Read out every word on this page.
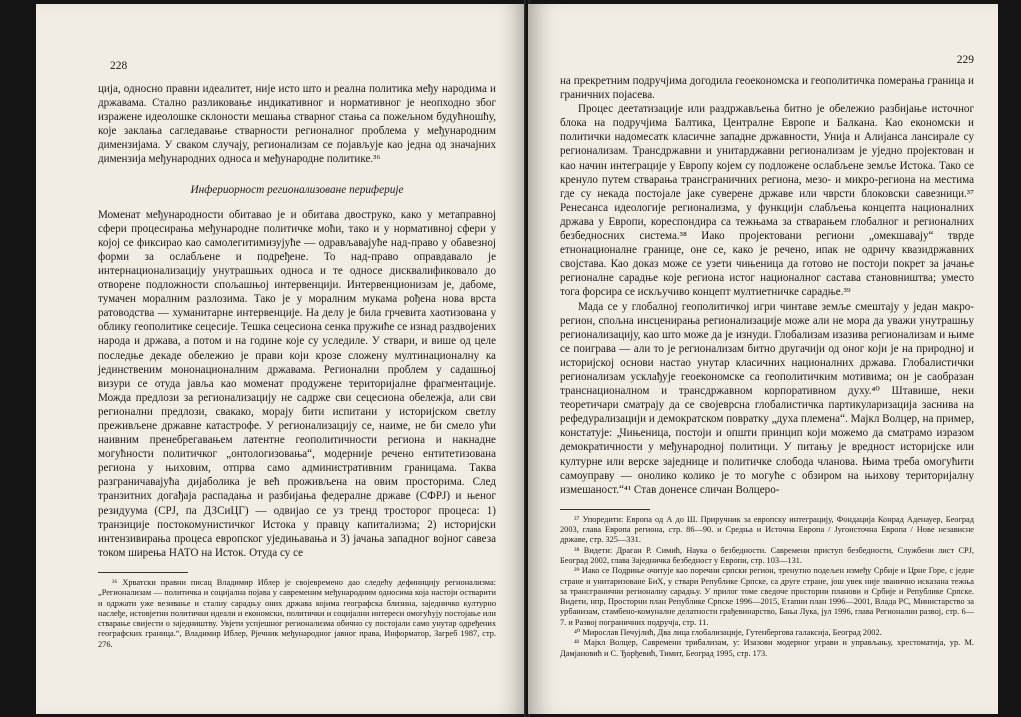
228

ција, односно правни идеалитет, није исто што и реална политика међу народима и државама. Стално разликовање индикативног и нормативног је неопходно због изражене идеолошке склоности мешања стварног стања са пожељном будућношћу, које заклања сагледавање стварности регионалног проблема у међународним димензијама. У сваком случају, регионализам се појављује као једна од значајних димензија међународних односа и међународне политике.³⁶

Инфериорност регионализоване периферије

Моменат међународности обитавао је и обитава двоструко, како у метаправној сфери процесирања међународне политичке моћи, тако и у нормативној сфери у којој се фиксирао као самолегитимизујуће — одрављавајуће над-право у обавезној форми за ослабљене и подређене. То над-право оправдавало је интернационализацију унутрашњих односа и те односе дисквалификовало до отворене подложности спољашњој интервенцији. Интервенционизам је, дабоме, тумачен моралним разлозима. Тако је у моралним мукама рођена нова врста ратоводства — хуманитарне интервенције. На делу је била грчевита хаотизована у облику геополитике сецесије. Тешка сецесиона сенка пружиће се изнад раздвојених народа и држава, а потом и на године које су уследиле. У ствари, и више од целе последње декаде обележио је прави који крозе сложену мултинационалну ка јединственим мононационалним државама. Регионални проблем у садашњој визури се отуда јавља као моменат продужене територијалне фрагментације. Можда предлози за регионализацију не садрже сви сецесиона обележја, али сви регионални предлози, свакако, морају бити испитани у историјском светлу преживљене државне катастрофе. У регионализацију се, наиме, не би смело ући наивним пренебрегавањем латентне геополитичности региона и накнадне могућности политичког „онтологизовања“, модерније речено ентитетизована регионa у њиховим, отпрва само административним границама. Таква разграничавајућа дијаболика је већ проживљена на овим просторима. След транзитних догађаја распадања и разбијања федералне државе (СФРЈ) и њеног резидуума (СРЈ, па ДЗСиЦГ) — одвијао се уз тренд тросторог процеса: 1) транзиције постокомунистичког Истока у правцу капитализма; 2) историјски интензивирања процеса европског уједињавања и 3) јачања западног војног савеза током ширења НАТО на Исток. Отуда су се

³⁶ Хрватски правни писац Владимир Иблер је својевремено дао следећу дефиницију регионализма: „Регионализам — политичка и социјална појава у савременим међународним односима која настоји остварити и одржати уже везивање и сталну сарадњу оних држава којима географска близина, заједничко културно наслеђе, истовјетни политички идеали и економски, политички и социјални интереси омогућују постојање или стварање свијести о заједништву. Увјети успјешног регионализма обично су постојали само унутар одређених географских граница.“, Владимир Иблер, Рјечник међународног јавног права, Информатор, Загреб 1987, стр. 276.

229

на прекретним подручјима догодила геоекономска и геополитичка померања граница и граничних појасева.

Процес деетатизације или раздржављења битно је обележио разбијање источног блока на подручјима Балтика, Централне Европе и Балкана. Као економски и политички надомесатк класичне западне државности, Унија и Алијанса лансирале су регионализам. Трансдржавни и унитарджавни регионализам је уједно пројектован и као начин интеграције у Европу којем су подложене ослабљене земље Истока. Тако се кренуло путем стварања трансграничних региона, мезо- и микро-региона на местима где су некада постојале јаке суверене државе или чврсти блоковски савезници.³⁷ Ренесанса идеологије регионализма, у функцији слабљења концепта националних држава у Европи, кореспондира са тежњама за стварањем глобалног и регионалних безбедносних система.³⁸ Иако пројектовани региони „омекшавају“ тврде етнонационалне границе, оне се, како је речено, ипак не одричу квазидржавних својстава. Као доказ може се узети чињеница да готово не постоји покрет за јачање регионалне сарадње које региона истог националног састава становништва; уместо тога форсира се искључиво концепт мултиетничке сарадње.³⁹

Мада се у глобалној геополитичкој игри чинтаве земље смештају у један макро-регион, спољна инсценирања регионализације може али не мора да уважи унутрашњу регионализацију, као што може да је изнуди. Глобализам изазива регионализам и њиме се поиграва — али то је регионализам битно другачији од оног који је на природној и историјској основи настао унутар класичних националних држава. Глобалистички регионализам усклађује геоекономске са геополитичким мотивима; он је саобразан транснационалном и трансдржавном корпоративном духу.⁴⁰ Штавише, неки теоретичари сматрају да се својеврсна глобалистичка партикуларизација заснива на рефедурализацији и демократском повратку „духа племена“. Мајкл Волцер, на пример, констатује: „Чињеница, постоји и општи принцип који можемо да сматрамо изразом демократичности у међународној политици. У питању је вредност историјске или културне или верске заједнице и политичке слобода чланова. Њима треба омогућити самоуправу — онолико колико је то могуће с обзиром на њихову територијалну измешаност.“⁴¹ Став доненсе сличан Волцеро-

³⁷ Упоредити: Европа од А до Ш. Приручник за европску интеграцију, Фондација Конрад Аденауер, Београд 2003, глава Европа регионa, стр. 86—90. и Средња и Источна Европа / Југоисточна Европа / Нове независне државе, стр. 325—331.

³⁸ Видети: Драган Р. Симић, Наука о безбедности. Савремени приступ безбедности, Службени лист СРЈ, Београд 2002, глава Заједничка безбедност у Европи, стр. 103—131.

³⁹ Иако се Подриње очитује као поречни српски регион, тренутно подељен између Србије и Црне Горе, с једне стране и унитаризоване БиХ, у ствари Републике Српске, са друге стране, још увек није званично исказана тежња за трансгранични регионалну сарадњу. У прилог томе сведоче просторни планови и Србије и Републике Српске. Видети, нпр, Просторни план Републике Српске 1996—2015, Етапни план 1996—2001, Влада РС, Министарство за урбанизам, стамбено-комуналне делатности грађевинарство, Бања Лука, јул 1996, глава Регионални развој, стр. 6—7. и Развој пограничних подручја, стр. 11.

⁴⁰ Мирослав Печујлић, Два лица глобализације, Гутенбергова галаксија, Београд 2002.

⁴¹ Мајкл Волцер, Савремени трибализам, у: Изазови модерног уграви и управљању, хрестоматија, ур. М. Дамјановић и С. Ђорђевић, Тимит, Београд 1995, стр. 173.
